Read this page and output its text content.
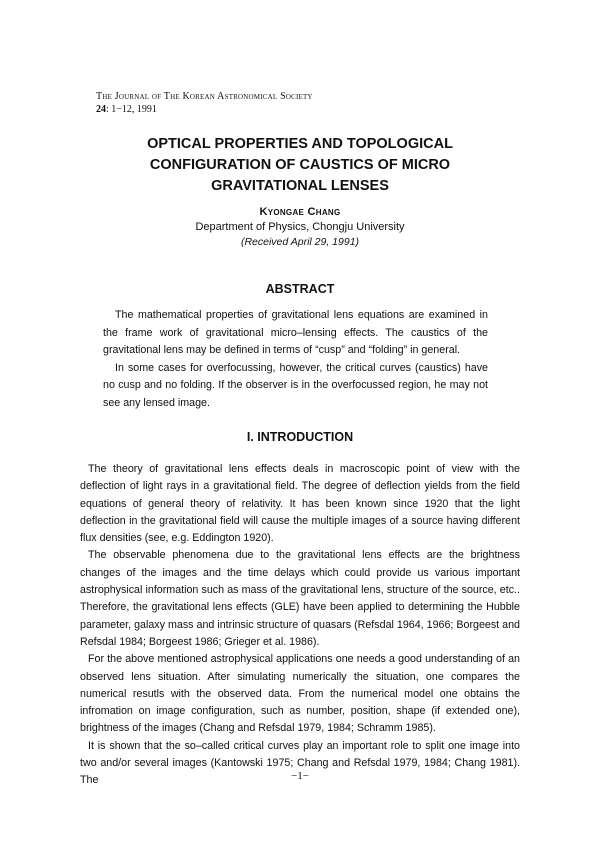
The Journal of The Korean Astronomical Society
24: 1−12, 1991
OPTICAL PROPERTIES AND TOPOLOGICAL
CONFIGURATION OF CAUSTICS OF MICRO
GRAVITATIONAL LENSES
Kyongae Chang
Department of Physics, Chongju University
(Received April 29, 1991)
ABSTRACT

The mathematical properties of gravitational lens equations are examined in the frame work of gravitational micro–lensing effects. The caustics of the gravitational lens may be defined in terms of “cusp” and “folding” in general.

In some cases for overfocussing, however, the critical curves (caustics) have no cusp and no folding. If the observer is in the overfocussed region, he may not see any lensed image.

I. INTRODUCTION

The theory of gravitational lens effects deals in macroscopic point of view with the deflection of light rays in a gravitational field. The degree of deflection yields from the field equations of general theory of relativity. It has been known since 1920 that the light deflection in the gravitational field will cause the multiple images of a source having different flux densities (see, e.g. Eddington 1920).

The observable phenomena due to the gravitational lens effects are the brightness changes of the images and the time delays which could provide us various important astrophysical information such as mass of the gravitational lens, structure of the source, etc.. Therefore, the gravitational lens effects (GLE) have been applied to determining the Hubble parameter, galaxy mass and intrinsic structure of quasars (Refsdal 1964, 1966; Borgeest and Refsdal 1984; Borgeest 1986; Grieger et al. 1986).

For the above mentioned astrophysical applications one needs a good understanding of an observed lens situation. After simulating numerically the situation, one compares the numerical resutls with the observed data. From the numerical model one obtains the infromation on image configuration, such as number, position, shape (if extended one), brightness of the images (Chang and Refsdal 1979, 1984; Schramm 1985).

It is shown that the so–called critical curves play an important role to split one image into two and/or several images (Kantowski 1975; Chang and Refsdal 1979, 1984; Chang 1981). The	−1−
